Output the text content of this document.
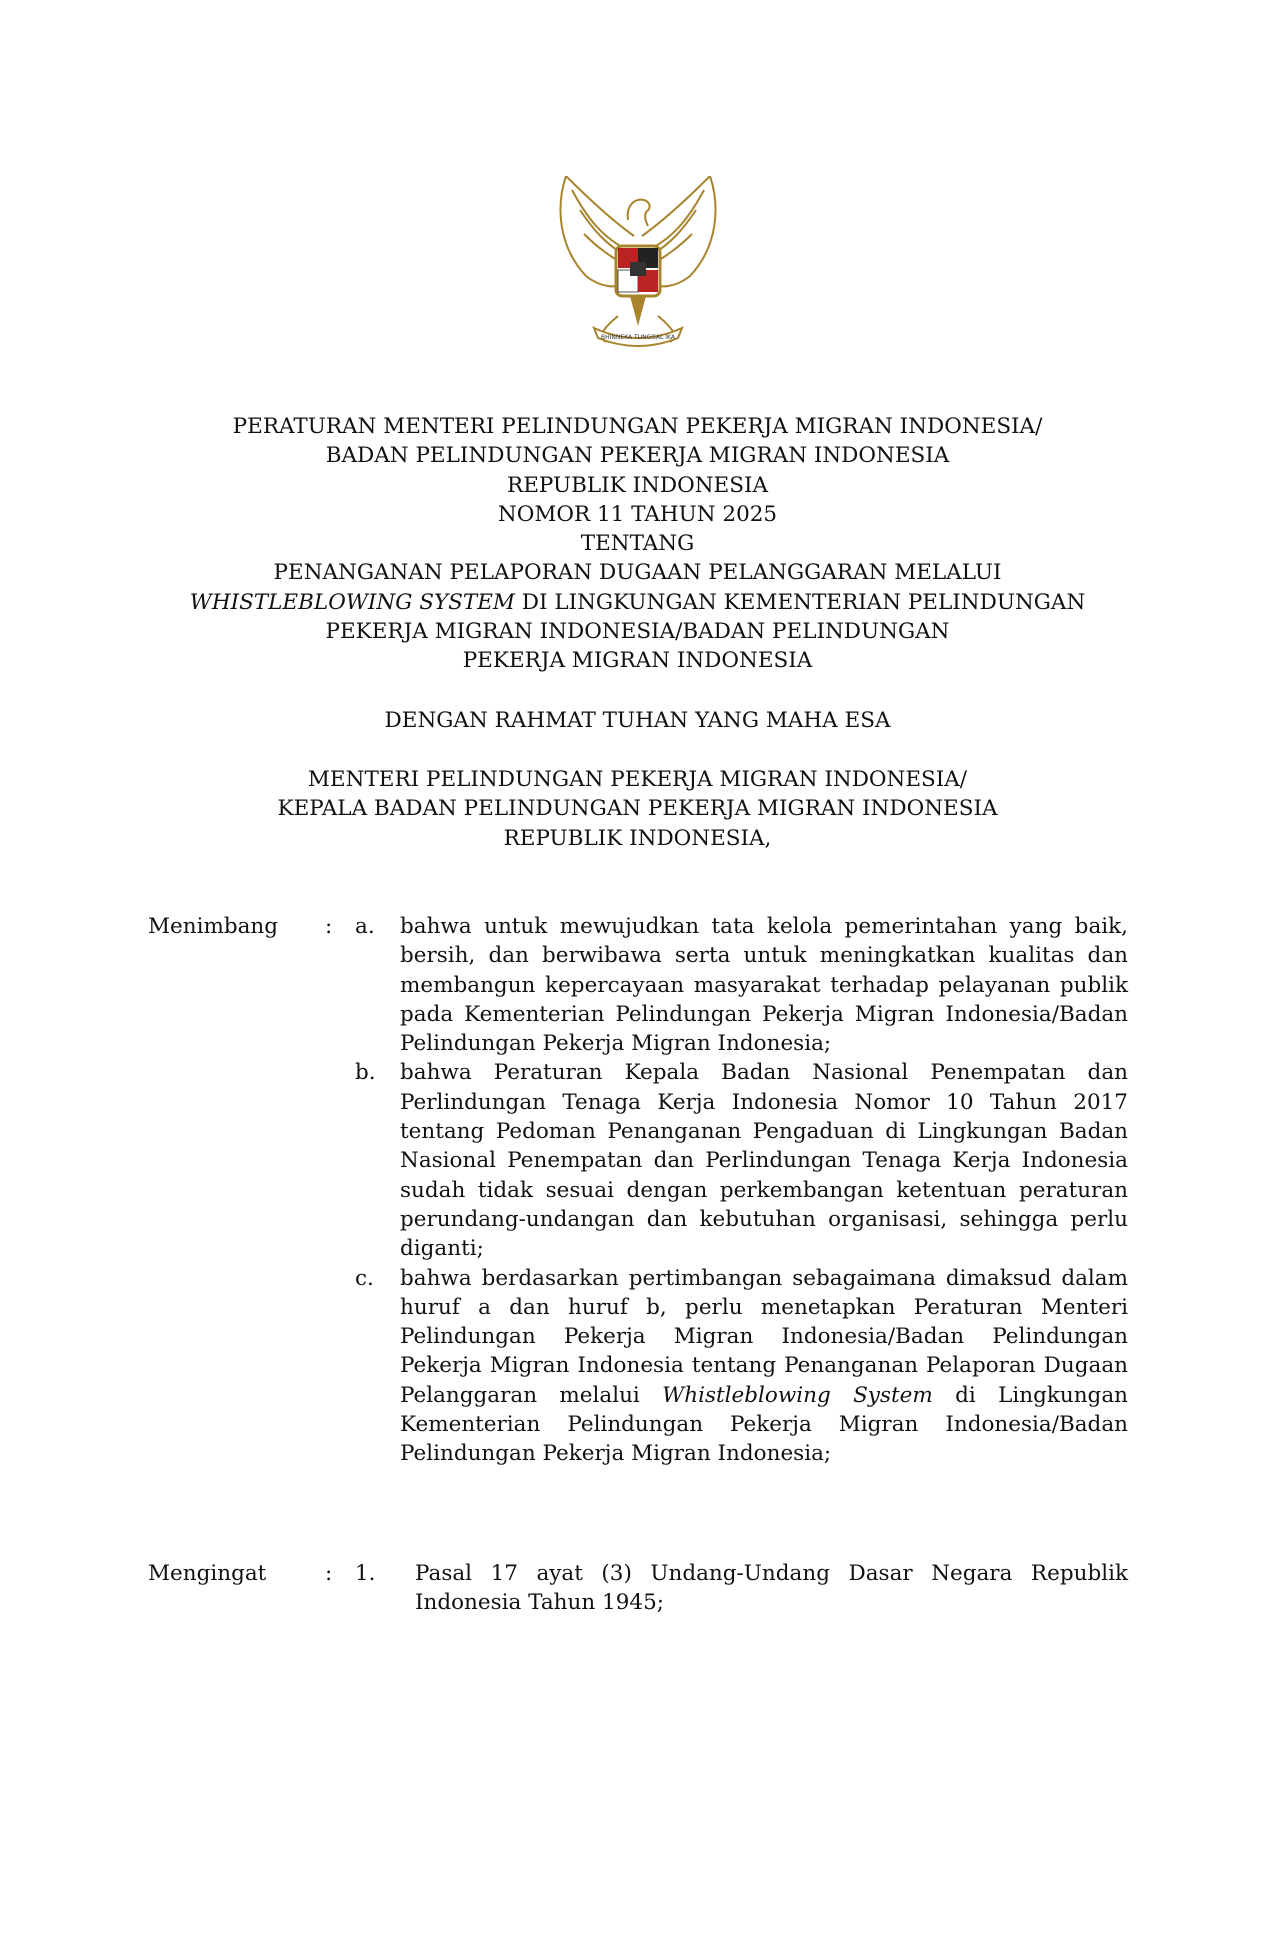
BHINNEKA TUNGGAL IKA
PERATURAN MENTERI PELINDUNGAN PEKERJA MIGRAN INDONESIA/
BADAN PELINDUNGAN PEKERJA MIGRAN INDONESIA
REPUBLIK INDONESIA
NOMOR 11 TAHUN 2025
TENTANG
PENANGANAN PELAPORAN DUGAAN PELANGGARAN MELALUI
WHISTLEBLOWING SYSTEM DI LINGKUNGAN KEMENTERIAN PELINDUNGAN
PEKERJA MIGRAN INDONESIA/BADAN PELINDUNGAN
PEKERJA MIGRAN INDONESIA
DENGAN RAHMAT TUHAN YANG MAHA ESA
MENTERI PELINDUNGAN PEKERJA MIGRAN INDONESIA/
KEPALA BADAN PELINDUNGAN PEKERJA MIGRAN INDONESIA
REPUBLIK INDONESIA,
Menimbang : a. bahwa untuk mewujudkan tata kelola pemerintahan yang baik, bersih, dan berwibawa serta untuk meningkatkan kualitas dan membangun kepercayaan masyarakat terhadap pelayanan publik pada Kementerian Pelindungan Pekerja Migran Indonesia/Badan Pelindungan Pekerja Migran Indonesia;
b. bahwa Peraturan Kepala Badan Nasional Penempatan dan Perlindungan Tenaga Kerja Indonesia Nomor 10 Tahun 2017 tentang Pedoman Penanganan Pengaduan di Lingkungan Badan Nasional Penempatan dan Perlindungan Tenaga Kerja Indonesia sudah tidak sesuai dengan perkembangan ketentuan peraturan perundang-undangan dan kebutuhan organisasi, sehingga perlu diganti;
c. bahwa berdasarkan pertimbangan sebagaimana dimaksud dalam huruf a dan huruf b, perlu menetapkan Peraturan Menteri Pelindungan Pekerja Migran Indonesia/Badan Pelindungan Pekerja Migran Indonesia tentang Penanganan Pelaporan Dugaan Pelanggaran melalui Whistleblowing System di Lingkungan Kementerian Pelindungan Pekerja Migran Indonesia/Badan Pelindungan Pekerja Migran Indonesia;
Mengingat	: 1. Pasal 17 ayat (3) Undang-Undang Dasar Negara Republik Indonesia Tahun 1945;
